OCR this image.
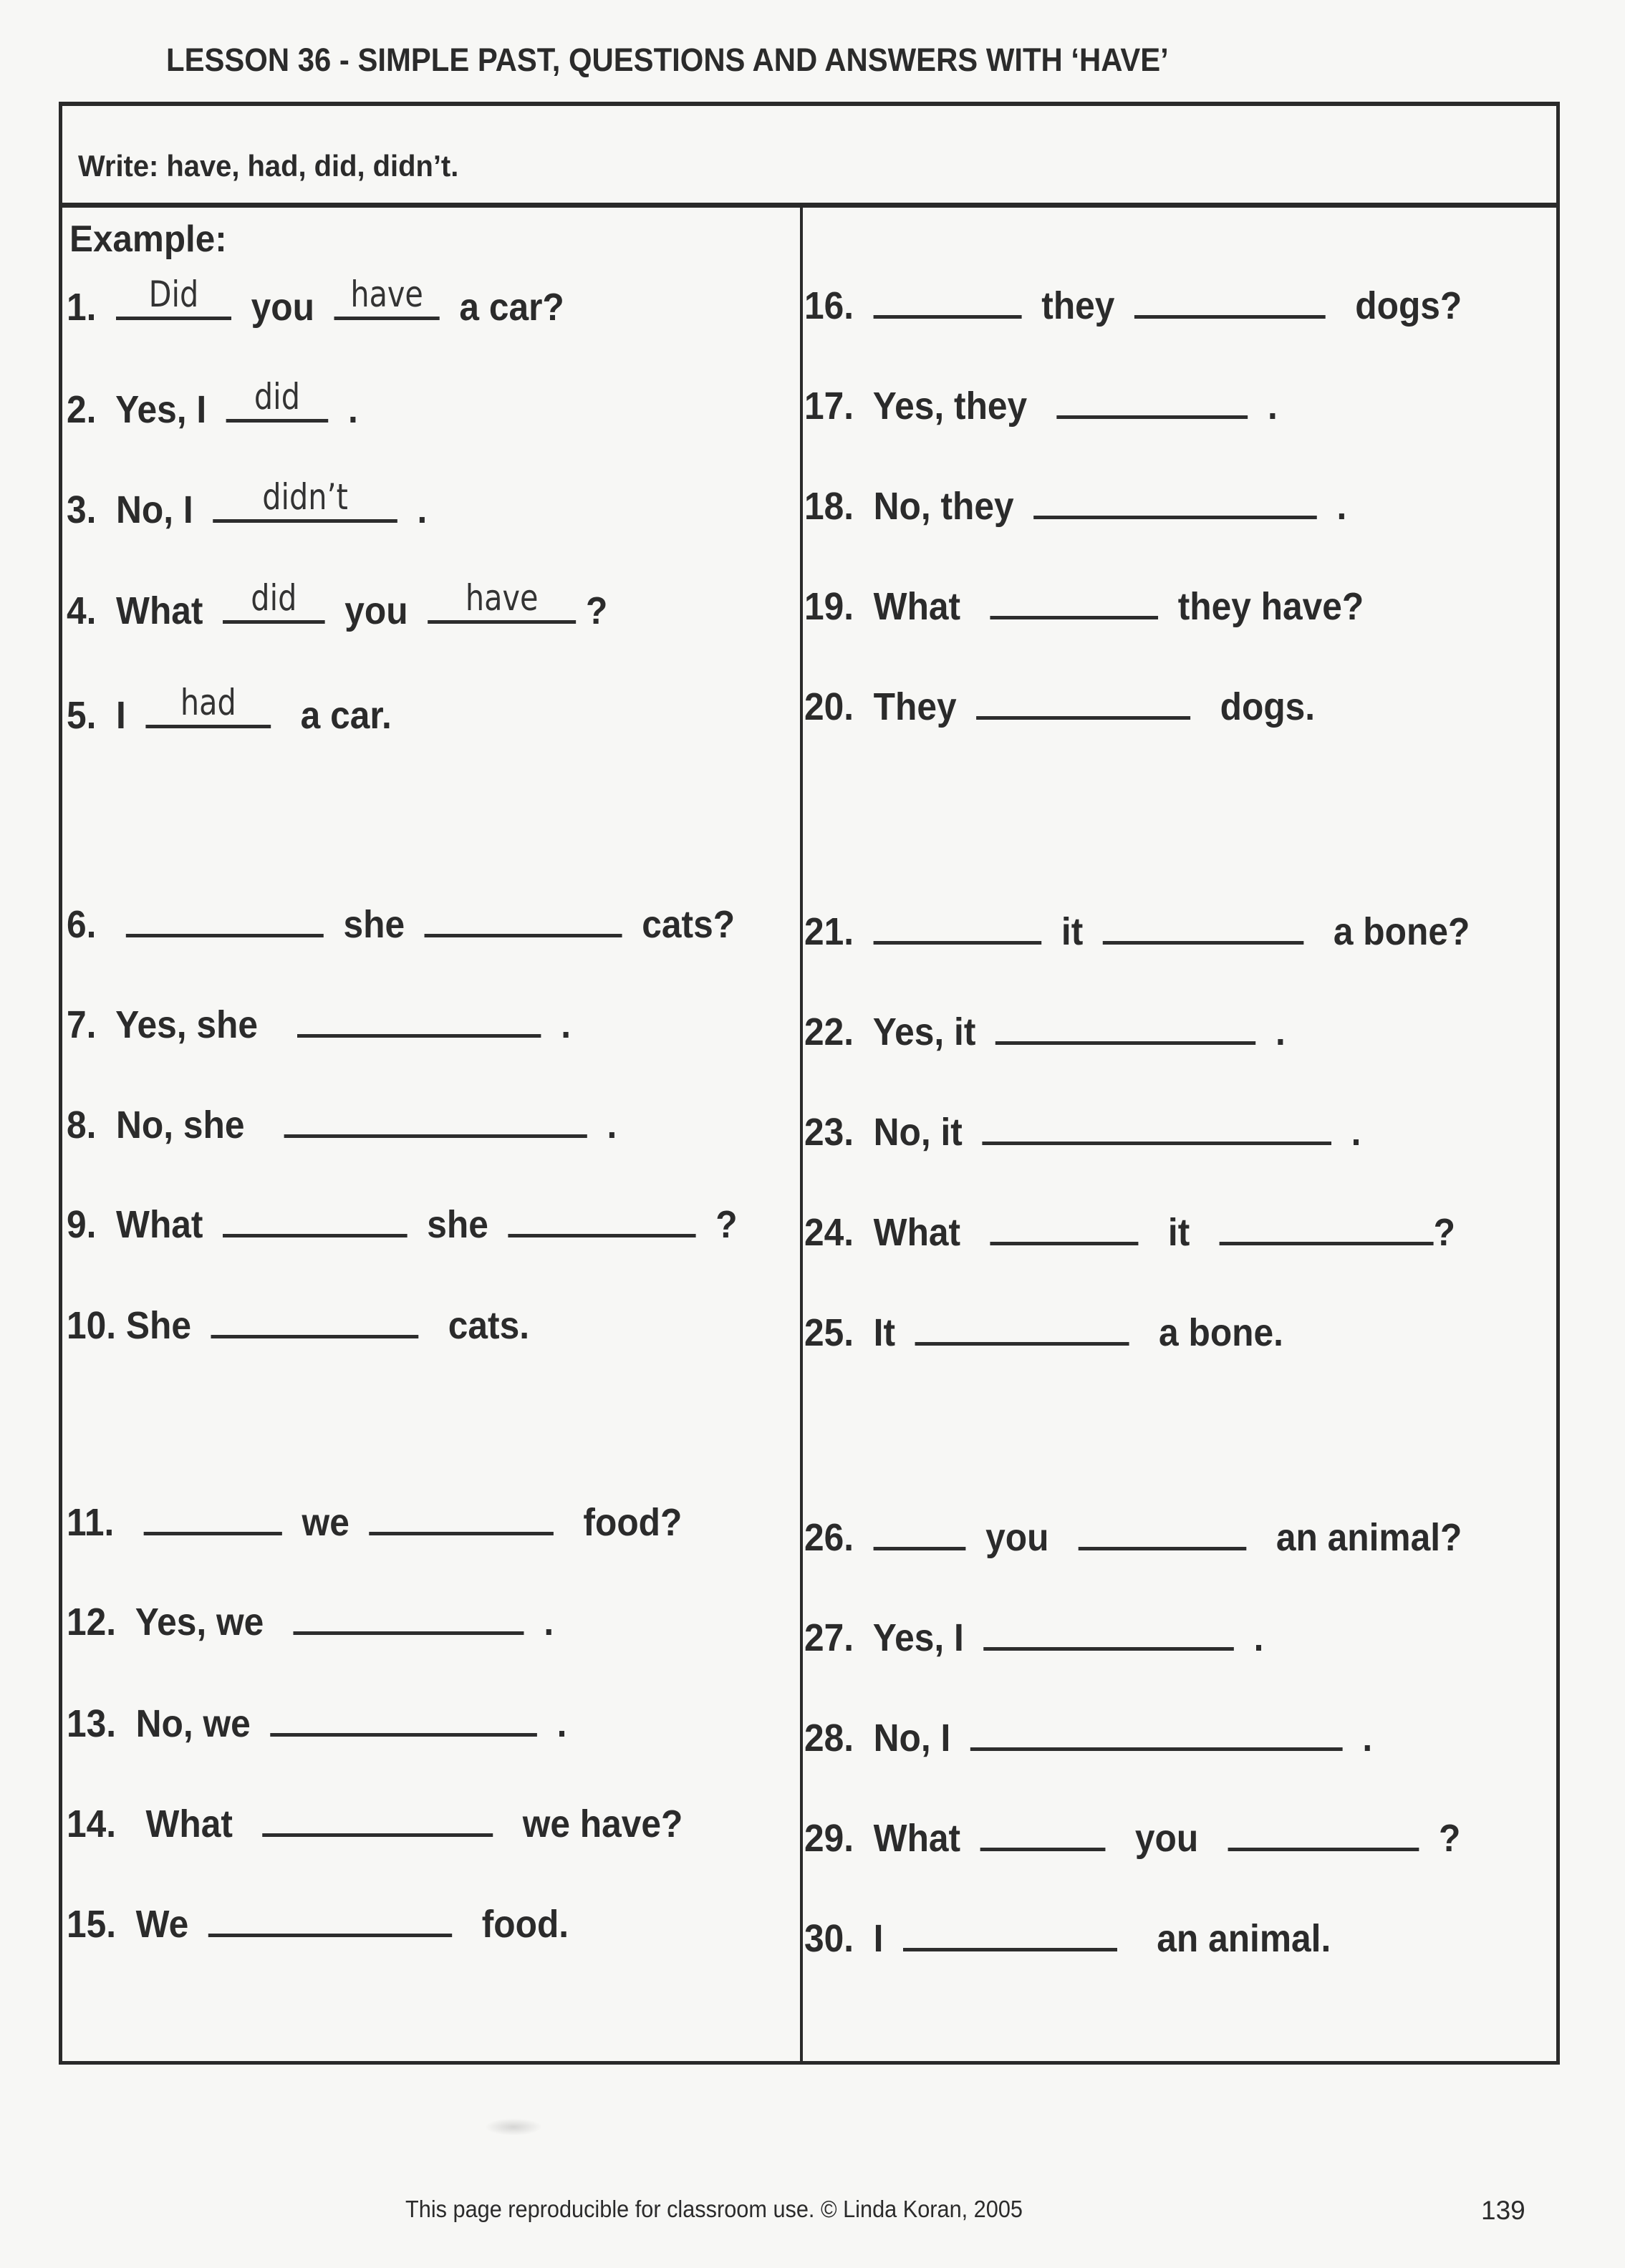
LESSON 36 - SIMPLE PAST, QUESTIONS AND ANSWERS WITH ‘HAVE’
Write: have, had, did, didn’t.
Example:
1.
	Did you have a car?
2. Yes, I did .
3. No, I	didn’t	.
4. What did you	have ?
5. I had a car.
6.
	she	cats?
7. Yes, she	.
8. No, she	.
9. What	she	?
10. She	cats.
11.
	we	food?
12. Yes, we	.
13. No, we	.
14. What	we have?
15. We	food.
16.
	they	dogs?
17. Yes, they	.
18. No, they	.
19. What	they have?
20. They	dogs.
21.
	it	a bone?
22. Yes, it	.
23. No, it	.
24. What	it	?
25. It	a bone.
26.
	you	an animal?
27. Yes, I	.
28. No, I	.
29. What	you	?
30. I	an animal.
This page reproducible for classroom use. © Linda Koran, 2005	139
